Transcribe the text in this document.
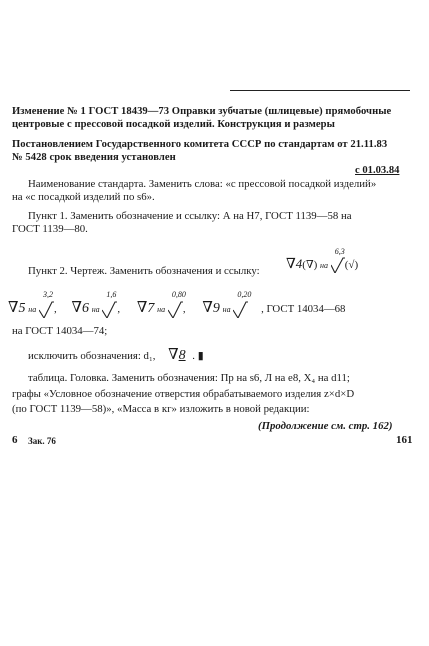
Изменение № 1 ГОСТ 18439—73 Оправки зубчатые (шлицевые) прямобочные
центровые с прессовой посадкой изделий. Конструкция и размеры
Постановлением Государственного комитета СССР по стандартам от 21.11.83
№ 5428 срок введения установлен
с 01.03.84
Наименование стандарта. Заменить слова: «с прессовой посадкой изделий»
на «с посадкой изделий по s6».
Пункт 1. Заменить обозначение и ссылку: А на Н7, ГОСТ 1139—58 на
ГОСТ 1139—80.
Пункт 2. Чертеж. Заменить обозначения и ссылку: ∇4(∇) на
6,3
(√)
∇5 на
3,2
, ∇6 на
1,6
, ∇7 на
0,80
, ∇9 на
0,20
, ГОСТ 14034—68
на ГОСТ 14034—74;
исключить обозначения: d₁, ∇8 . ▮
таблица. Головка. Заменить обозначения: Пр на s6, Л на е8, Х₄ на d11;
графы «Условное обозначение отверстия обрабатываемого изделия z×d×D
(по ГОСТ 1139—58)», «Масса в кг» изложить в новой редакции:
(Продолжение см. стр. 162)
6 Зак. 76	161
